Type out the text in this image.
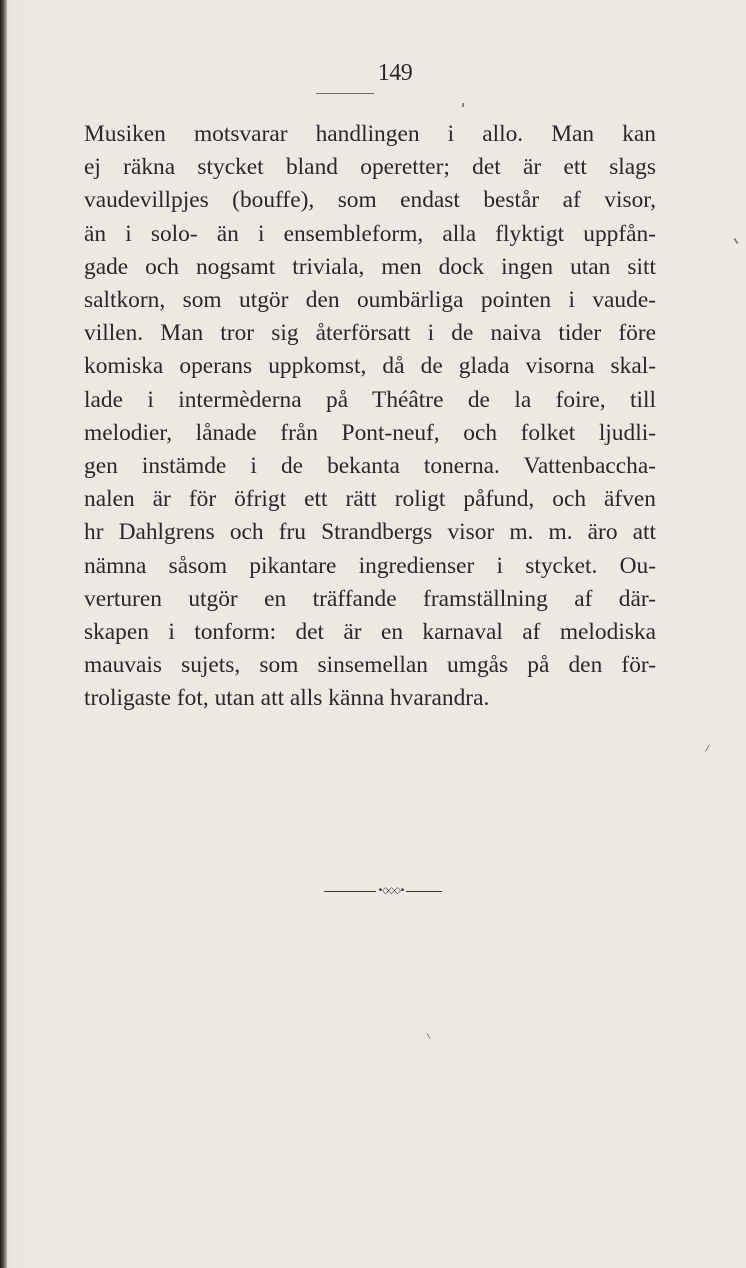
149
Musiken motsvarar handlingen i allo. Man kan
ej räkna stycket bland operetter; det är ett slags
vaudevillpjes (bouffe), som endast består af visor,
än i solo- än i ensembleform, alla flyktigt uppfån-
gade och nogsamt triviala, men dock ingen utan sitt
saltkorn, som utgör den oumbärliga pointen i vaude-
villen. Man tror sig återförsatt i de naiva tider före
komiska operans uppkomst, då de glada visorna skal-
lade i intermèderna på Théâtre de la foire, till
melodier, lånade från Pont-neuf, och folket ljudli-
gen instämde i de bekanta tonerna. Vattenbaccha-
nalen är för öfrigt ett rätt roligt påfund, och äfven
hr Dahlgrens och fru Strandbergs visor m. m. äro att
nämna såsom pikantare ingredienser i stycket. Ou-
verturen utgör en träffande framställning af där-
skapen i tonform: det är en karnaval af melodiska
mauvais sujets, som sinsemellan umgås på den för-
troligaste fot, utan att alls känna hvarandra.
•◇◇◇•
